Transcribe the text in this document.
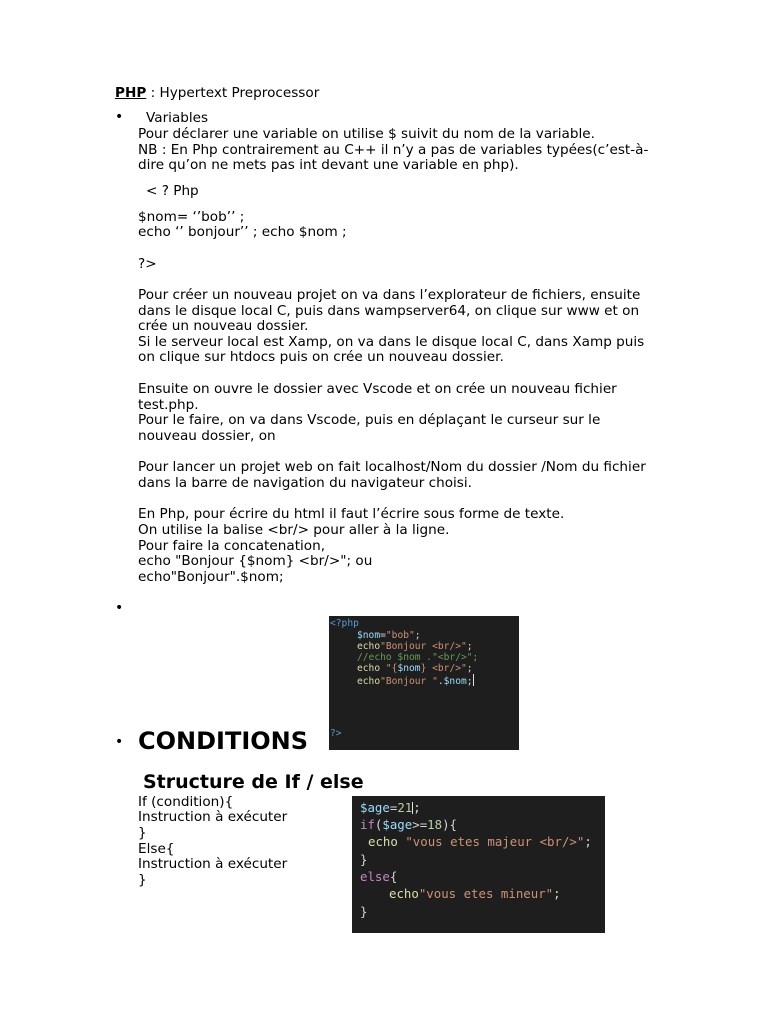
PHP : Hypertext Preprocessor
• Variables
Pour déclarer une variable on utilise $ suivit du nom de la variable.
NB : En Php contrairement au C++ il n’y a pas de variables typées(c’est-à-
dire qu’on ne mets pas int devant une variable en php).
< ? Php
$nom= ‘’bob’’ ;
echo ‘’ bonjour’’ ; echo $nom ;
?>
Pour créer un nouveau projet on va dans l’explorateur de fichiers, ensuite
dans le disque local C, puis dans wampserver64, on clique sur www et on
crée un nouveau dossier.
Si le serveur local est Xamp, on va dans le disque local C, dans Xamp puis
on clique sur htdocs puis on crée un nouveau dossier.
Ensuite on ouvre le dossier avec Vscode et on crée un nouveau fichier
test.php.
Pour le faire, on va dans Vscode, puis en déplaçant le curseur sur le
nouveau dossier, on
Pour lancer un projet web on fait localhost/Nom du dossier /Nom du fichier
dans la barre de navigation du navigateur choisi.
En Php, pour écrire du html il faut l’écrire sous forme de texte.
On utilise la balise <br/> pour aller à la ligne.
Pour faire la concatenation,
echo "Bonjour {$nom} <br/>"; ou
echo"Bonjour".$nom;
•
<?php
$nom="bob";
echo"Bonjour <br/>";
//echo $nom ."<br/>";
echo "{$nom} <br/>";
echo"Bonjour ".$nom;
?>
• CONDITIONS
Structure de If / else
If (condition){
Instruction à exécuter
}
Else{
Instruction à exécuter
}
$age=21;
if($age>=18){
echo "vous etes majeur <br/>";
}
else{
echo"vous etes mineur";
}
